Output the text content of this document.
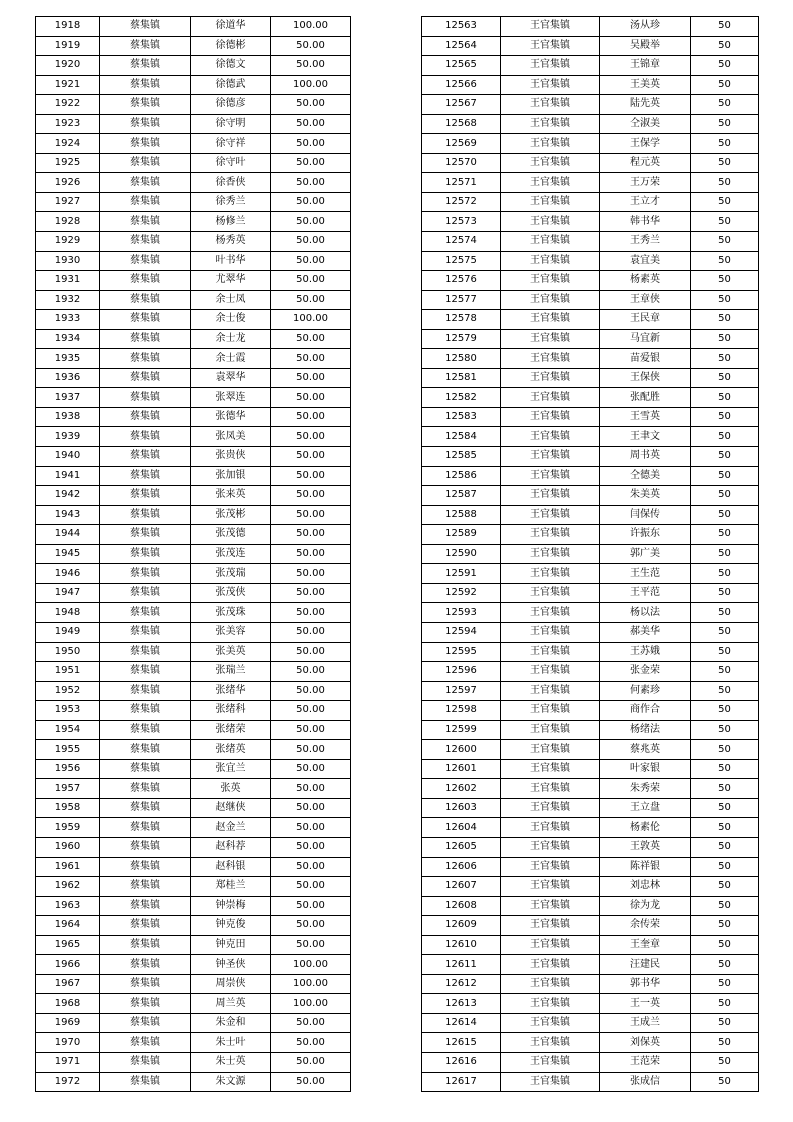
1918	蔡集镇	徐道华	100.00
1919	蔡集镇	徐德彬	50.00
1920	蔡集镇	徐德文	50.00
1921	蔡集镇	徐德武	100.00
1922	蔡集镇	徐德彦	50.00
1923	蔡集镇	徐守明	50.00
1924	蔡集镇	徐守祥	50.00
1925	蔡集镇	徐守叶	50.00
1926	蔡集镇	徐香侠	50.00
1927	蔡集镇	徐秀兰	50.00
1928	蔡集镇	杨修兰	50.00
1929	蔡集镇	杨秀英	50.00
1930	蔡集镇	叶书华	50.00
1931	蔡集镇	尤翠华	50.00
1932	蔡集镇	余士凤	50.00
1933	蔡集镇	余士俊	100.00
1934	蔡集镇	余士龙	50.00
1935	蔡集镇	余士霞	50.00
1936	蔡集镇	袁翠华	50.00
1937	蔡集镇	张翠连	50.00
1938	蔡集镇	张德华	50.00
1939	蔡集镇	张凤美	50.00
1940	蔡集镇	张贵侠	50.00
1941	蔡集镇	张加银	50.00
1942	蔡集镇	张来英	50.00
1943	蔡集镇	张茂彬	50.00
1944	蔡集镇	张茂德	50.00
1945	蔡集镇	张茂连	50.00
1946	蔡集镇	张茂瑞	50.00
1947	蔡集镇	张茂侠	50.00
1948	蔡集镇	张茂珠	50.00
1949	蔡集镇	张美容	50.00
1950	蔡集镇	张美英	50.00
1951	蔡集镇	张瑞兰	50.00
1952	蔡集镇	张绪华	50.00
1953	蔡集镇	张绪科	50.00
1954	蔡集镇	张绪荣	50.00
1955	蔡集镇	张绪英	50.00
1956	蔡集镇	张宜兰	50.00
1957	蔡集镇	张英	50.00
1958	蔡集镇	赵继侠	50.00
1959	蔡集镇	赵金兰	50.00
1960	蔡集镇	赵科荐	50.00
1961	蔡集镇	赵科银	50.00
1962	蔡集镇	郑桂兰	50.00
1963	蔡集镇	钟崇梅	50.00
1964	蔡集镇	钟克俊	50.00
1965	蔡集镇	钟克田	50.00
1966	蔡集镇	钟圣侠	100.00
1967	蔡集镇	周崇侠	100.00
1968	蔡集镇	周兰英	100.00
1969	蔡集镇	朱金和	50.00
1970	蔡集镇	朱士叶	50.00
1971	蔡集镇	朱士英	50.00
1972	蔡集镇	朱文源	50.00
12563	王官集镇	汤从珍	50
12564	王官集镇	吴殿举	50
12565	王官集镇	王锦章	50
12566	王官集镇	王美英	50
12567	王官集镇	陆先英	50
12568	王官集镇	仝淑美	50
12569	王官集镇	王保学	50
12570	王官集镇	程元英	50
12571	王官集镇	王万荣	50
12572	王官集镇	王立才	50
12573	王官集镇	韩书华	50
12574	王官集镇	王秀兰	50
12575	王官集镇	袁宜美	50
12576	王官集镇	杨素英	50
12577	王官集镇	王章侠	50
12578	王官集镇	王民章	50
12579	王官集镇	马宜新	50
12580	王官集镇	苗爱银	50
12581	王官集镇	王保侠	50
12582	王官集镇	张配胜	50
12583	王官集镇	王雪英	50
12584	王官集镇	王聿文	50
12585	王官集镇	周书英	50
12586	王官集镇	仝德美	50
12587	王官集镇	朱美英	50
12588	王官集镇	闫保传	50
12589	王官集镇	许振东	50
12590	王官集镇	郭广美	50
12591	王官集镇	王生范	50
12592	王官集镇	王平范	50
12593	王官集镇	杨以法	50
12594	王官集镇	郝美华	50
12595	王官集镇	王苏娥	50
12596	王官集镇	张金荣	50
12597	王官集镇	何素珍	50
12598	王官集镇	商作合	50
12599	王官集镇	杨绪法	50
12600	王官集镇	蔡兆英	50
12601	王官集镇	叶家银	50
12602	王官集镇	朱秀荣	50
12603	王官集镇	王立盘	50
12604	王官集镇	杨素伦	50
12605	王官集镇	王敦英	50
12606	王官集镇	陈祥银	50
12607	王官集镇	刘忠林	50
12608	王官集镇	徐为龙	50
12609	王官集镇	余传荣	50
12610	王官集镇	王奎章	50
12611	王官集镇	汪建民	50
12612	王官集镇	郭书华	50
12613	王官集镇	王一英	50
12614	王官集镇	王成兰	50
12615	王官集镇	刘保英	50
12616	王官集镇	王范荣	50
12617	王官集镇	张成信	50
